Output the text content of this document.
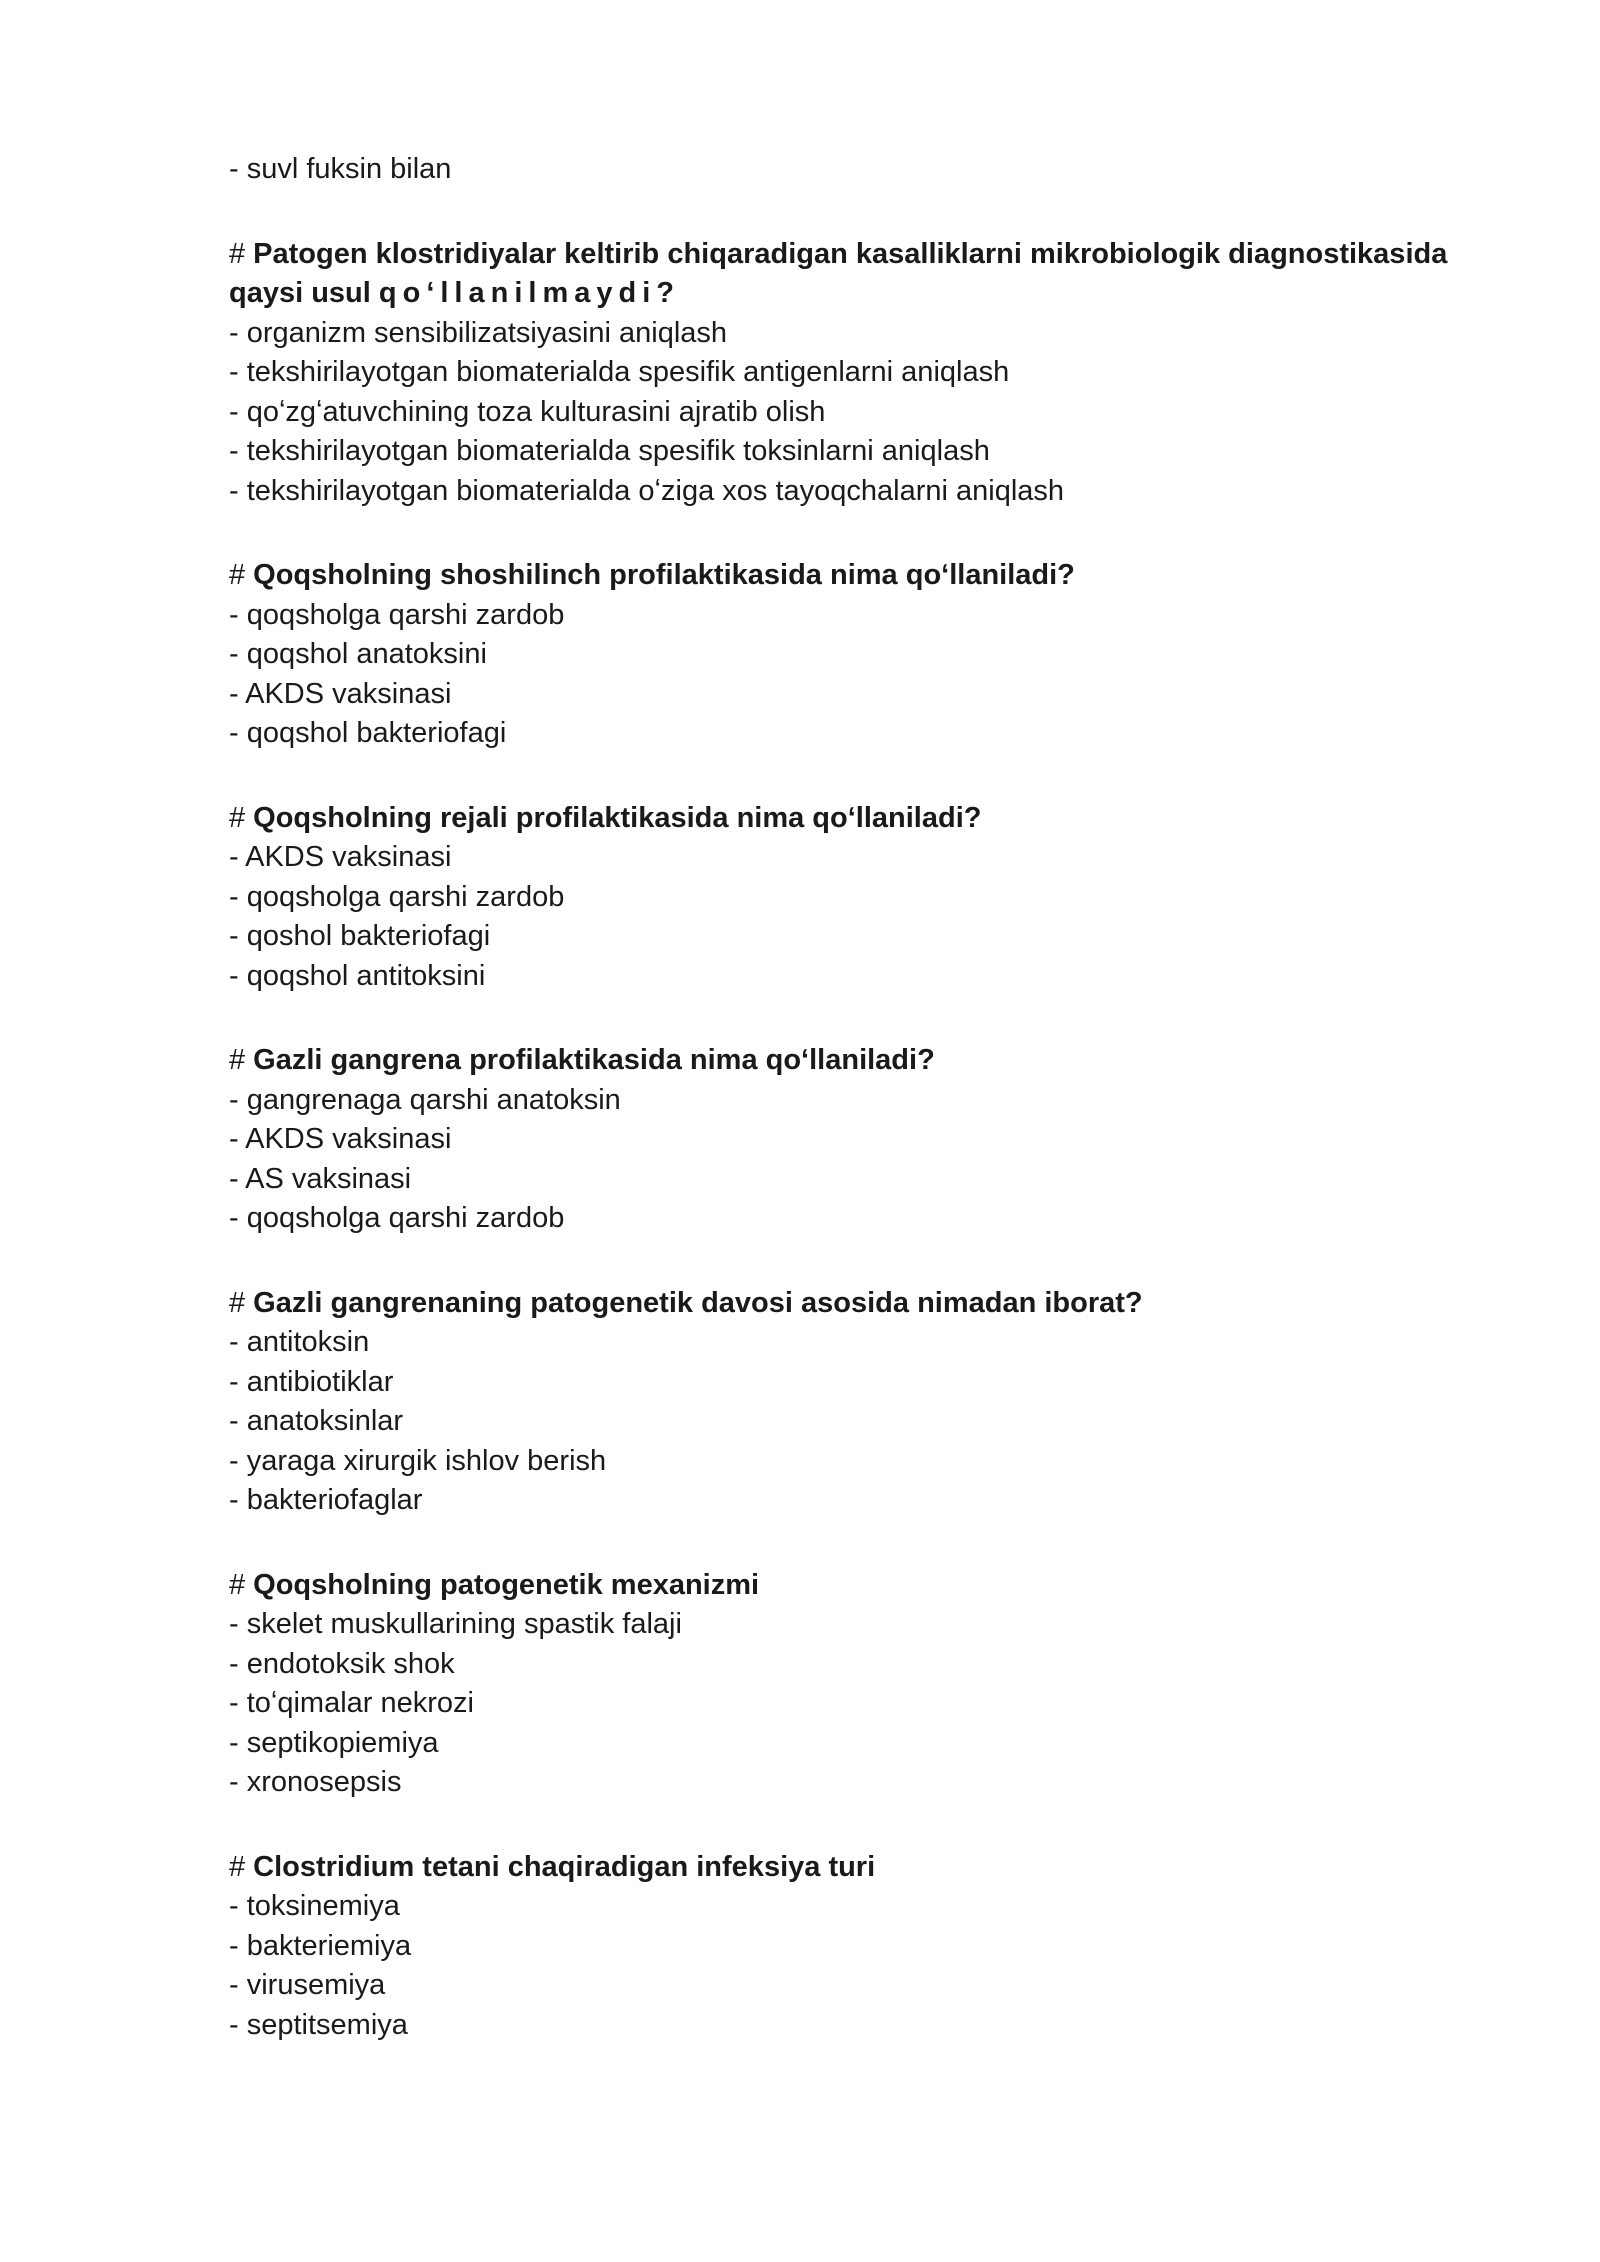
- suvl fuksin bilan

# Patogen klostridiyalar keltirib chiqaradigan kasalliklarni mikrobiologik diagnostikasida qaysi usul qo‘llanilmaydi?

- organizm sensibilizatsiyasini aniqlash

- tekshirilayotgan biomaterialda spesifik antigenlarni aniqlash

- qoʻzgʻatuvchining toza kulturasini ajratib olish

- tekshirilayotgan biomaterialda spesifik toksinlarni aniqlash

- tekshirilayotgan biomaterialda oʻziga xos tayoqchalarni aniqlash

# Qoqsholning shoshilinch profilaktikasida nima qoʻllaniladi?

- qoqsholga qarshi zardob

- qoqshol anatoksini

- AKDS vaksinasi

- qoqshol bakteriofagi

# Qoqsholning rejali profilaktikasida nima qoʻllaniladi?

- AKDS vaksinasi

- qoqsholga qarshi zardob

- qoshol bakteriofagi

- qoqshol antitoksini

# Gazli gangrena profilaktikasida nima qoʻllaniladi?

- gangrenaga qarshi anatoksin

- AKDS vaksinasi

- AS vaksinasi

- qoqsholga qarshi zardob

# Gazli gangrenaning patogenetik davosi asosida nimadan iborat?

- antitoksin

- antibiotiklar

- anatoksinlar

- yaraga xirurgik ishlov berish

- bakteriofaglar

# Qoqsholning patogenetik mexanizmi

- skelet muskullarining spastik falaji

- endotoksik shok

- toʻqimalar nekrozi

- septikopiemiya

- xronosepsis

# Clostridium tetani chaqiradigan infeksiya turi

- toksinemiya

- bakteriemiya

- virusemiya

- septitsemiya
